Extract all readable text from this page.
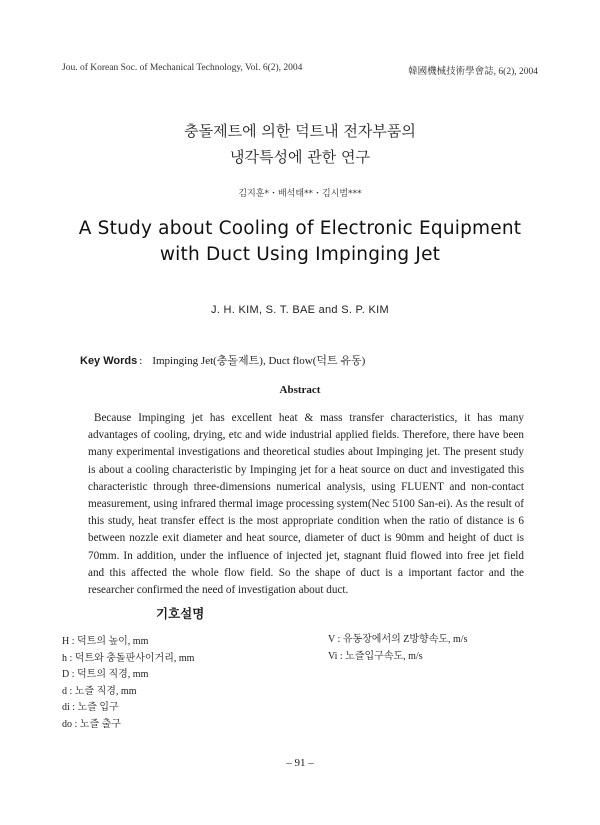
Jou. of Korean Soc. of Mechanical Technology, Vol. 6(2), 2004	韓國機械技術學會誌, 6(2), 2004
충돌제트에 의한 덕트내 전자부품의
냉각특성에 관한 연구
김지훈*・배석태**・김시범***
A Study about Cooling of Electronic Equipment
with Duct Using Impinging Jet
J. H. KIM, S. T. BAE and S. P. KIM
Key Words : Impinging Jet(충돌제트), Duct flow(덕트 유동)
Abstract
Because Impinging jet has excellent heat & mass transfer characteristics, it has many advantages of cooling, drying, etc and wide industrial applied fields. Therefore, there have been many experimental investigations and theoretical studies about Impinging jet. The present study is about a cooling characteristic by Impinging jet for a heat source on duct and investigated this characteristic through three-dimensions numerical analysis, using FLUENT and non-contact measurement, using infrared thermal image processing system(Nec 5100 San-ei). As the result of this study, heat transfer effect is the most appropriate condition when the ratio of distance is 6 between nozzle exit diameter and heat source, diameter of duct is 90mm and height of duct is 70mm. In addition, under the influence of injected jet, stagnant fluid flowed into free jet field and this affected the whole flow field. So the shape of duct is a important factor and the researcher confirmed the need of investigation about duct.
기호설명
H : 덕트의 높이, mm
h : 덕트와 충돌판사이거리, mm
D : 덕트의 직경, mm
d : 노즐 직경, mm
di : 노즐 입구
do : 노즐 출구
V : 유동장에서의 Z방향속도, m/s
Vi : 노즐입구속도, m/s
– 91 –
